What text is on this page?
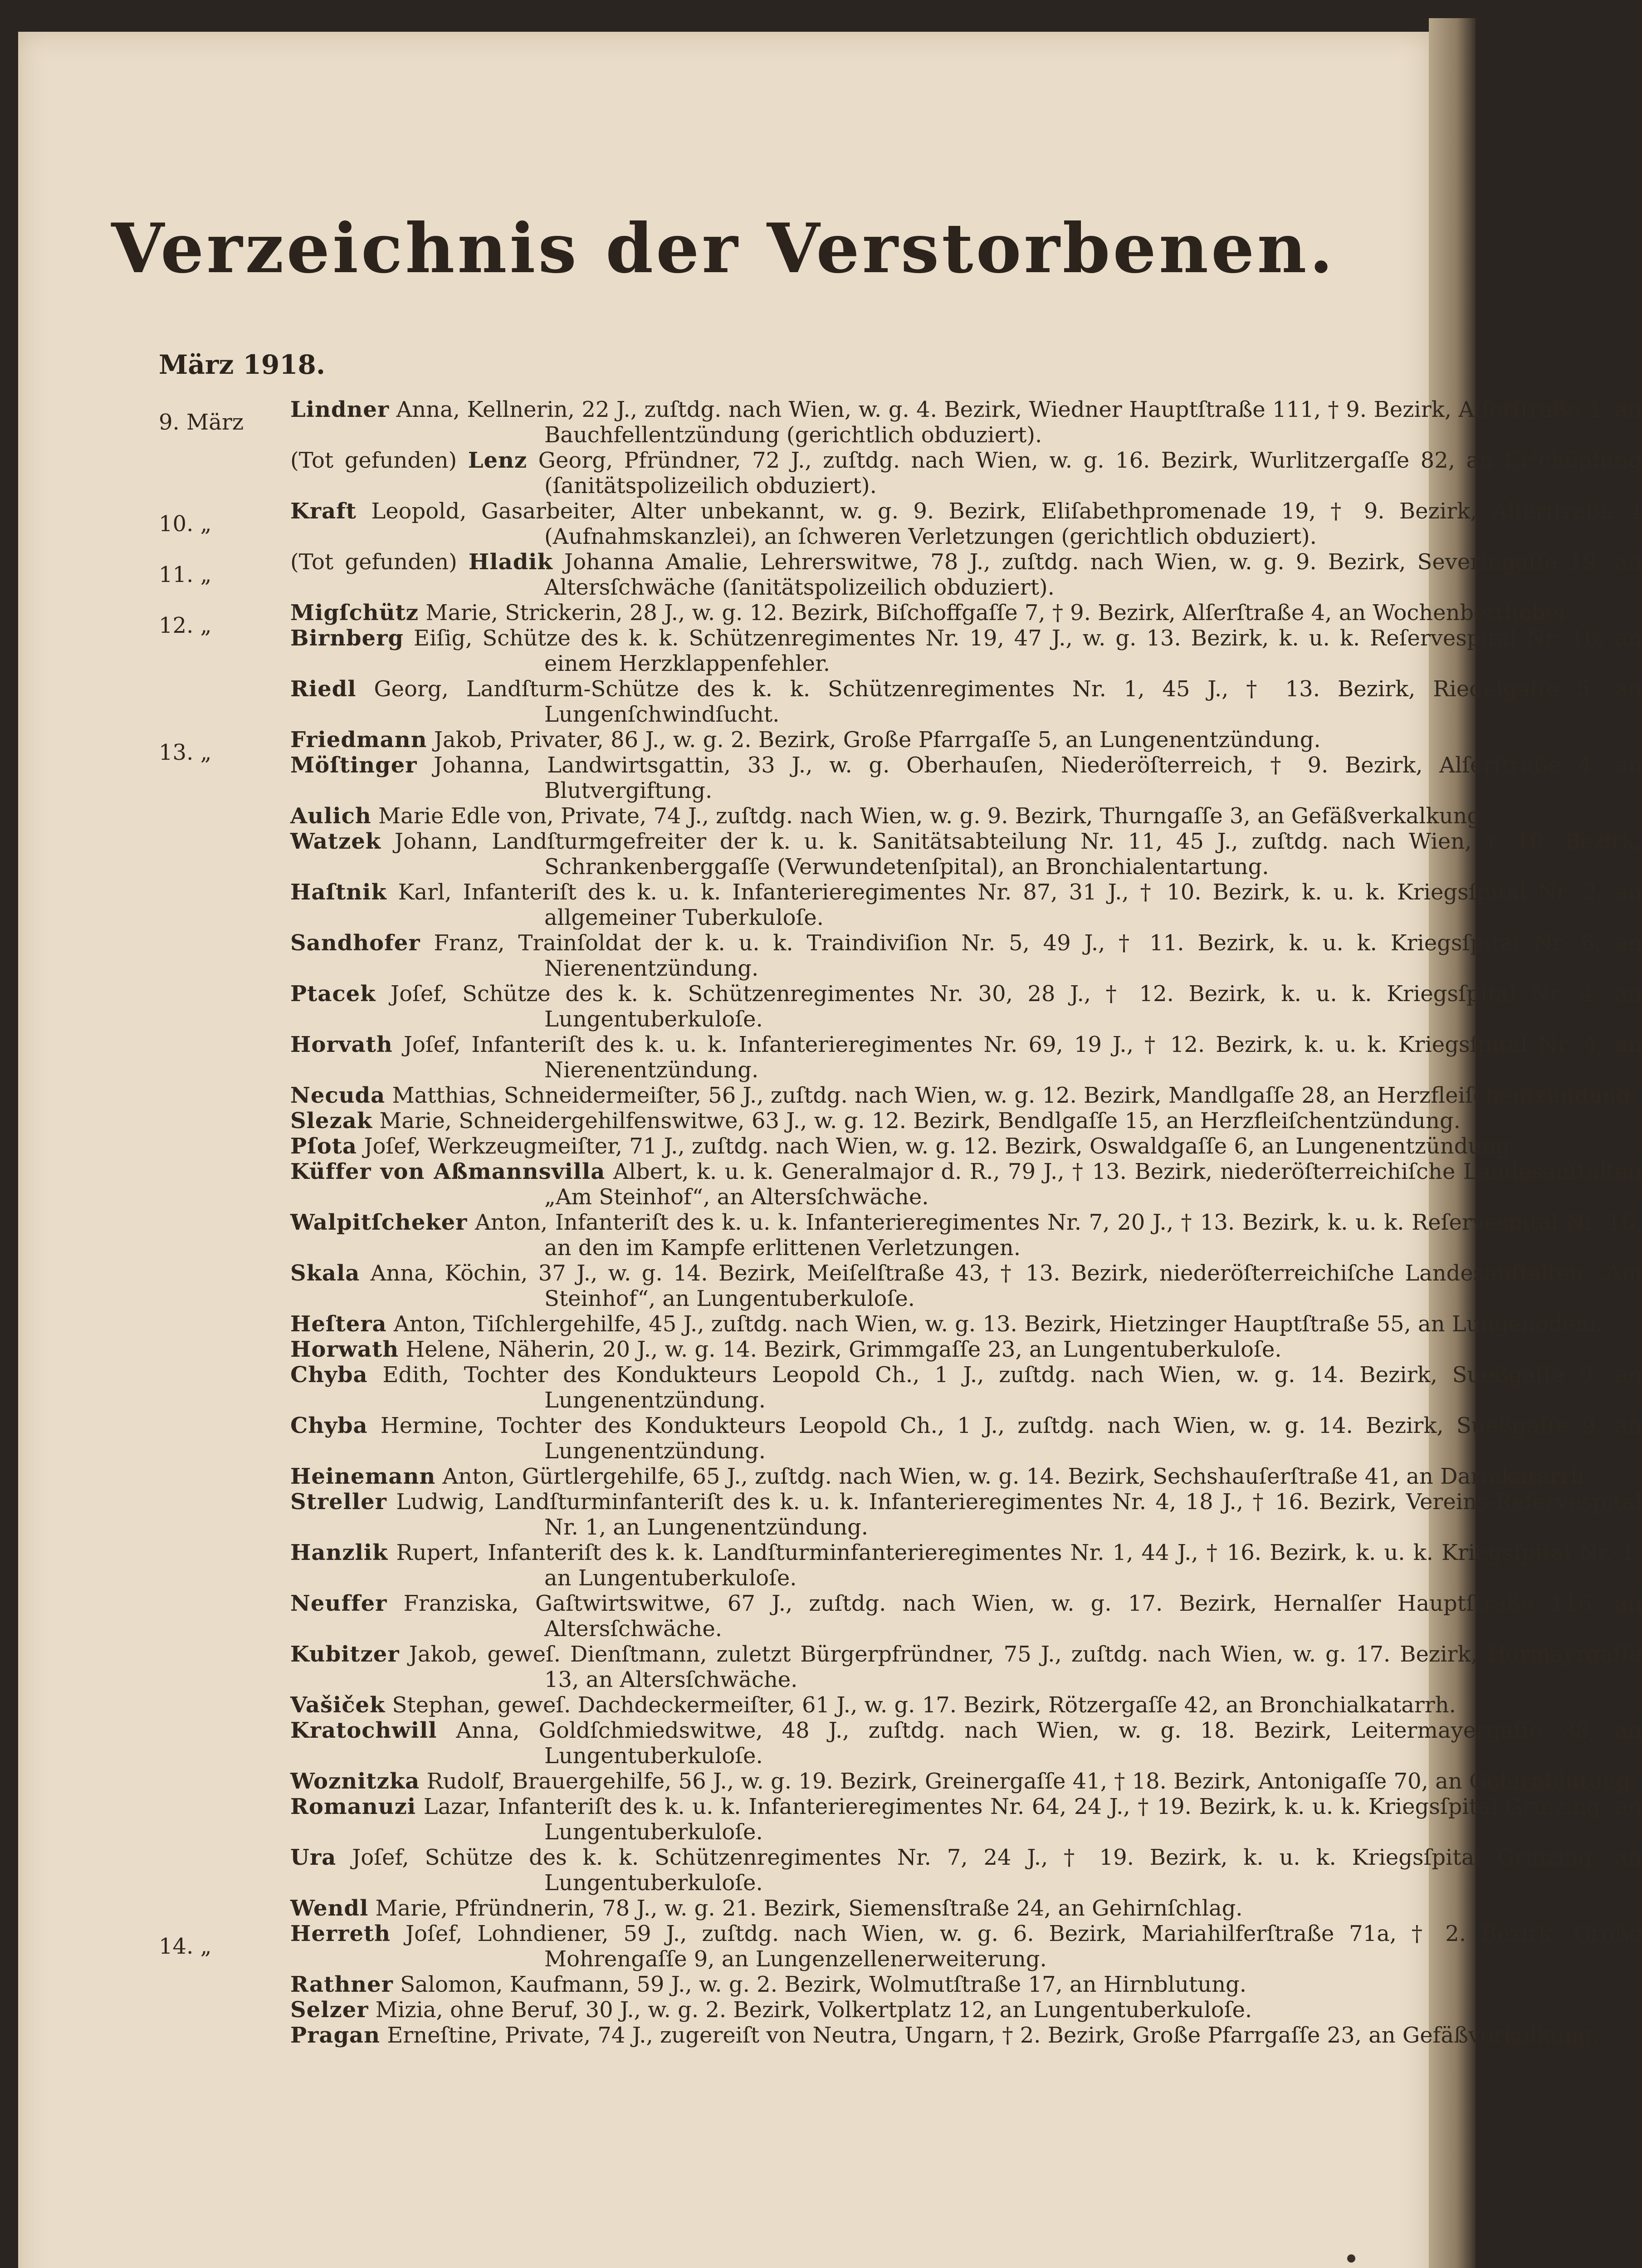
Verzeichnis der Verstorbenen.
März 1918.
9. März	Lindner Anna, Kellnerin, 22 J., zuſtdg. nach Wien, w. g. 4. Bezirk, Wiedner Hauptſtraße 111, † 9. Bezirk, Alſerſtraße 4, an Bauchfellentzündung (gerichtlich obduziert).
(Tot gefunden) Lenz Georg, Pfründner, 72 J., zuſtdg. nach Wien, w. g. 16. Bezirk, Wurlitzergaſſe 82, an Erſchöpfung (ſanitätspolizeilich obduziert).
10. „	Kraft Leopold, Gasarbeiter, Alter unbekannt, w. g. 9. Bezirk, Eliſabethpromenade 19, † 9. Bezirk, Alſerſtraße 4 (Aufnahmskanzlei), an ſchweren Verletzungen (gerichtlich obduziert).
11. „	(Tot gefunden) Hladik Johanna Amalie, Lehrerswitwe, 78 J., zuſtdg. nach Wien, w. g. 9. Bezirk, Severingaſſe 19, an Altersſchwäche (ſanitätspolizeilich obduziert).
12. „	Migſchütz Marie, Strickerin, 28 J., w. g. 12. Bezirk, Biſchoffgaſſe 7, † 9. Bezirk, Alſerſtraße 4, an Wochenbettfieber.
Birnberg Eiſig, Schütze des k. k. Schützenregimentes Nr. 19, 47 J., w. g. 13. Bezirk, k. u. k. Reſervespital Nr. 16, an einem Herzklappenfehler.
Riedl Georg, Landſturm-Schütze des k. k. Schützenregimentes Nr. 1, 45 J., † 13. Bezirk, Riedelgaſſe 5, an Lungenſchwindſucht.
13. „	Friedmann Jakob, Privater, 86 J., w. g. 2. Bezirk, Große Pfarrgaſſe 5, an Lungenentzündung.
Möſtinger Johanna, Landwirtsgattin, 33 J., w. g. Oberhauſen, Niederöſterreich, † 9. Bezirk, Alſerſtraße 4, an Blutvergiftung.
Aulich Marie Edle von, Private, 74 J., zuſtdg. nach Wien, w. g. 9. Bezirk, Thurngaſſe 3, an Gefäßverkalkung.
Watzek Johann, Landſturmgefreiter der k. u. k. Sanitätsabteilung Nr. 11, 45 J., zuſtdg. nach Wien, † 10. Bezirk, Schrankenberggaſſe (Verwundetenſpital), an Bronchialentartung.
Haſtnik Karl, Infanteriſt des k. u. k. Infanterieregimentes Nr. 87, 31 J., † 10. Bezirk, k. u. k. Kriegsſpital Nr. 2, an allgemeiner Tuberkuloſe.
Sandhofer Franz, Trainſoldat der k. u. k. Traindiviſion Nr. 5, 49 J., † 11. Bezirk, k. u. k. Kriegsſpital Nr. 6, an Nierenentzündung.
Ptacek Joſef, Schütze des k. k. Schützenregimentes Nr. 30, 28 J., † 12. Bezirk, k. u. k. Kriegsſpital Nr. 4, an Lungentuberkuloſe.
Horvath Joſef, Infanteriſt des k. u. k. Infanterieregimentes Nr. 69, 19 J., † 12. Bezirk, k. u. k. Kriegsſpital Nr. 4, an Nierenentzündung.
Necuda Matthias, Schneidermeiſter, 56 J., zuſtdg. nach Wien, w. g. 12. Bezirk, Mandlgaſſe 28, an Herzfleiſchentzündung.
Slezak Marie, Schneidergehilfenswitwe, 63 J., w. g. 12. Bezirk, Bendlgaſſe 15, an Herzfleiſchentzündung.
Pſota Joſef, Werkzeugmeiſter, 71 J., zuſtdg. nach Wien, w. g. 12. Bezirk, Oswaldgaſſe 6, an Lungenentzündung.
Küffer von Aßmannsvilla Albert, k. u. k. Generalmajor d. R., 79 J., † 13. Bezirk, niederöſterreichiſche Landesanſtalten „Am Steinhof“, an Altersſchwäche.
Walpitſcheker Anton, Infanteriſt des k. u. k. Infanterieregimentes Nr. 7, 20 J., † 13. Bezirk, k. u. k. Reſervespital Nr. 16, an den im Kampfe erlittenen Verletzungen.
Skala Anna, Köchin, 37 J., w. g. 14. Bezirk, Meiſelſtraße 43, † 13. Bezirk, niederöſterreichiſche Landesanſtalten „Am Steinhof“, an Lungentuberkuloſe.
Heſtera Anton, Tiſchlergehilfe, 45 J., zuſtdg. nach Wien, w. g. 13. Bezirk, Hietzinger Hauptſtraße 55, an Lungenödem.
Horwath Helene, Näherin, 20 J., w. g. 14. Bezirk, Grimmgaſſe 23, an Lungentuberkuloſe.
Chyba Edith, Tochter des Kondukteurs Leopold Ch., 1 J., zuſtdg. nach Wien, w. g. 14. Bezirk, Sueßgaſſe 9, an Lungenentzündung.
Chyba Hermine, Tochter des Kondukteurs Leopold Ch., 1 J., zuſtdg. nach Wien, w. g. 14. Bezirk, Sueßgaſſe 9, an Lungenentzündung.
Heinemann Anton, Gürtlergehilfe, 65 J., zuſtdg. nach Wien, w. g. 14. Bezirk, Sechshauſerſtraße 41, an Darmkatarrh.
Streller Ludwig, Landſturminfanteriſt des k. u. k. Infanterieregimentes Nr. 4, 18 J., † 16. Bezirk, Vereins-Reſervespital Nr. 1, an Lungenentzündung.
Hanzlik Rupert, Infanteriſt des k. k. Landſturminfanterieregimentes Nr. 1, 44 J., † 16. Bezirk, k. u. k. Kriegsſpital Nr. 1, an Lungentuberkuloſe.
Neuffer Franziska, Gaſtwirtswitwe, 67 J., zuſtdg. nach Wien, w. g. 17. Bezirk, Hernalſer Hauptſtraße 116, an Altersſchwäche.
Kubitzer Jakob, geweſ. Dienſtmann, zuletzt Bürgerpfründner, 75 J., zuſtdg. nach Wien, w. g. 17. Bezirk, Hormayrgaſſe 13, an Altersſchwäche.
Vašiček Stephan, geweſ. Dachdeckermeiſter, 61 J., w. g. 17. Bezirk, Rötzergaſſe 42, an Bronchialkatarrh.
Kratochwill Anna, Goldſchmiedswitwe, 48 J., zuſtdg. nach Wien, w. g. 18. Bezirk, Leitermayergaſſe 38, an Lungentuberkuloſe.
Woznitzka Rudolf, Brauergehilfe, 56 J., w. g. 19. Bezirk, Greinergaſſe 41, † 18. Bezirk, Antonigaſſe 70, an Gehirnblutung.
Romanuzi Lazar, Infanteriſt des k. u. k. Infanterieregimentes Nr. 64, 24 J., † 19. Bezirk, k. u. k. Kriegsſpital Grinzing, an Lungentuberkuloſe.
Ura Joſef, Schütze des k. k. Schützenregimentes Nr. 7, 24 J., † 19. Bezirk, k. u. k. Kriegsſpital Grinzing, an Lungentuberkuloſe.
Wendl Marie, Pfründnerin, 78 J., w. g. 21. Bezirk, Siemensſtraße 24, an Gehirnſchlag.
14. „	Herreth Joſef, Lohndiener, 59 J., zuſtdg. nach Wien, w. g. 6. Bezirk, Mariahilferſtraße 71a, † 2. Bezirk, Große Mohrengaſſe 9, an Lungenzellenerweiterung.
Rathner Salomon, Kaufmann, 59 J., w. g. 2. Bezirk, Wolmutſtraße 17, an Hirnblutung.
Selzer Mizia, ohne Beruf, 30 J., w. g. 2. Bezirk, Volkertplatz 12, an Lungentuberkuloſe.
Pragan Erneſtine, Private, 74 J., zugereiſt von Neutra, Ungarn, † 2. Bezirk, Große Pfarrgaſſe 23, an Gefäßverkalkung.
